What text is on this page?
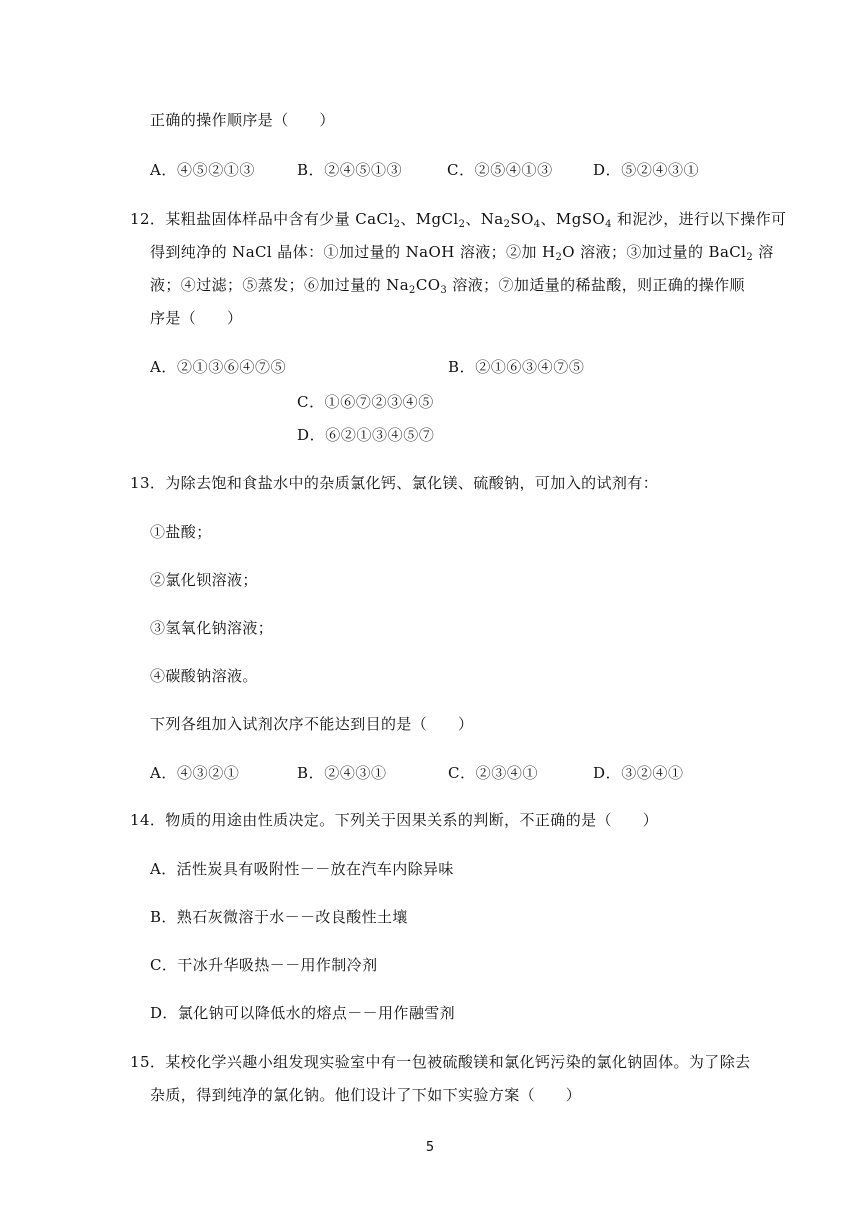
正确的操作顺序是（　　）
A．④⑤②①③	B．②④⑤①③	C．②⑤④①③	D．⑤②④③①
12．某粗盐固体样品中含有少量 CaCl$_2$、MgCl$_2$、$Na_2SO_4$、MgSO$_4$ 和泥沙，进行以下操作可
得到纯净的 NaCl 晶体：①加过量的 NaOH 溶液；②加 $H_2O$ 溶液；③加过量的 BaCl$_2$ 溶
液；④过滤；⑤蒸发；⑥加过量的 $Na_2CO_3$ 溶液；⑦加适量的稀盐酸，则正确的操作顺
序是（　　）
A．②①③⑥④⑦⑤	B．②①⑥③④⑦⑤
C．①⑥⑦②③④⑤
D．⑥②①③④⑤⑦
13．为除去饱和食盐水中的杂质氯化钙、氯化镁、硫酸钠，可加入的试剂有：
①盐酸；
②氯化钡溶液；
③氢氧化钠溶液；
④碳酸钠溶液。
下列各组加入试剂次序不能达到目的是（　　）
A．④③②①	B．②④③①	C．②③④①	D．③②④①
14．物质的用途由性质决定。下列关于因果关系的判断，不正确的是（　　）
A．活性炭具有吸附性－－放在汽车内除异味
B．熟石灰微溶于水－－改良酸性土壤
C．干冰升华吸热－－用作制冷剂
D．氯化钠可以降低水的熔点－－用作融雪剂
15．某校化学兴趣小组发现实验室中有一包被硫酸镁和氯化钙污染的氯化钠固体。为了除去
杂质，得到纯净的氯化钠。他们设计了下如下实验方案（　　）
5
